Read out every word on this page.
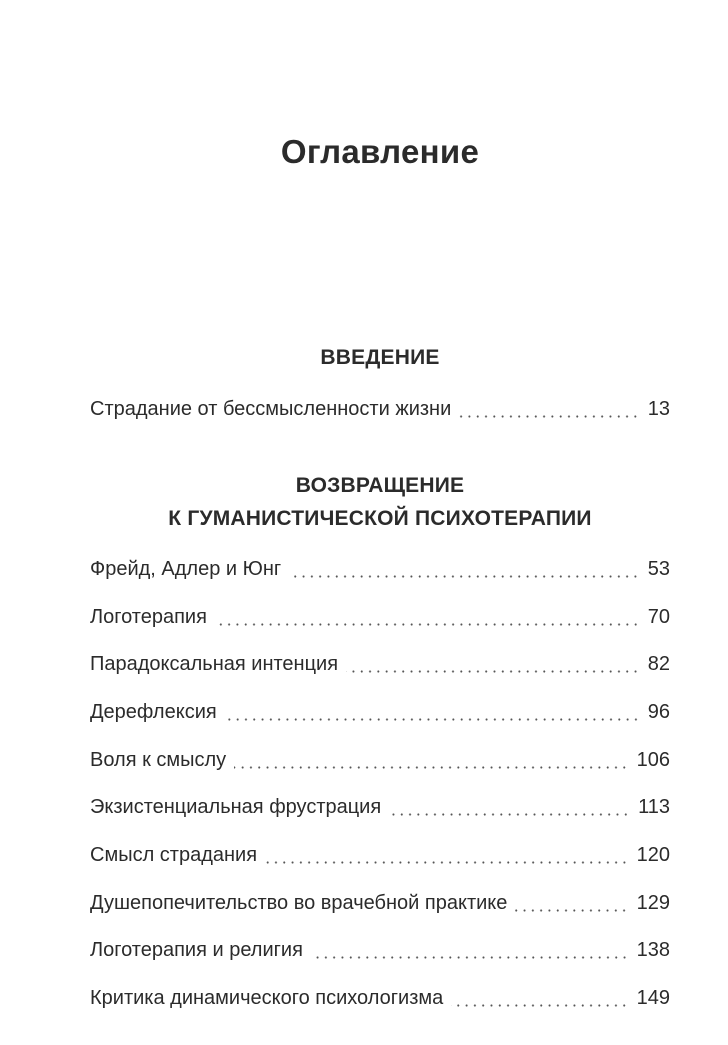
Оглавление
ВВЕДЕНИЕ
Страдание от бессмысленности жизни	13
ВОЗВРАЩЕНИЕ
К ГУМАНИСТИЧЕСКОЙ ПСИХОТЕРАПИИ
Фрейд, Адлер и Юнг	53
Логотерапия	70
Парадоксальная интенция	82
Дерефлексия	96
Воля к смыслу	106
Экзистенциальная фрустрация	113
Смысл страдания	120
Душепопечительство во врачебной практике	129
Логотерапия и религия	138
Критика динамического психологизма	149
